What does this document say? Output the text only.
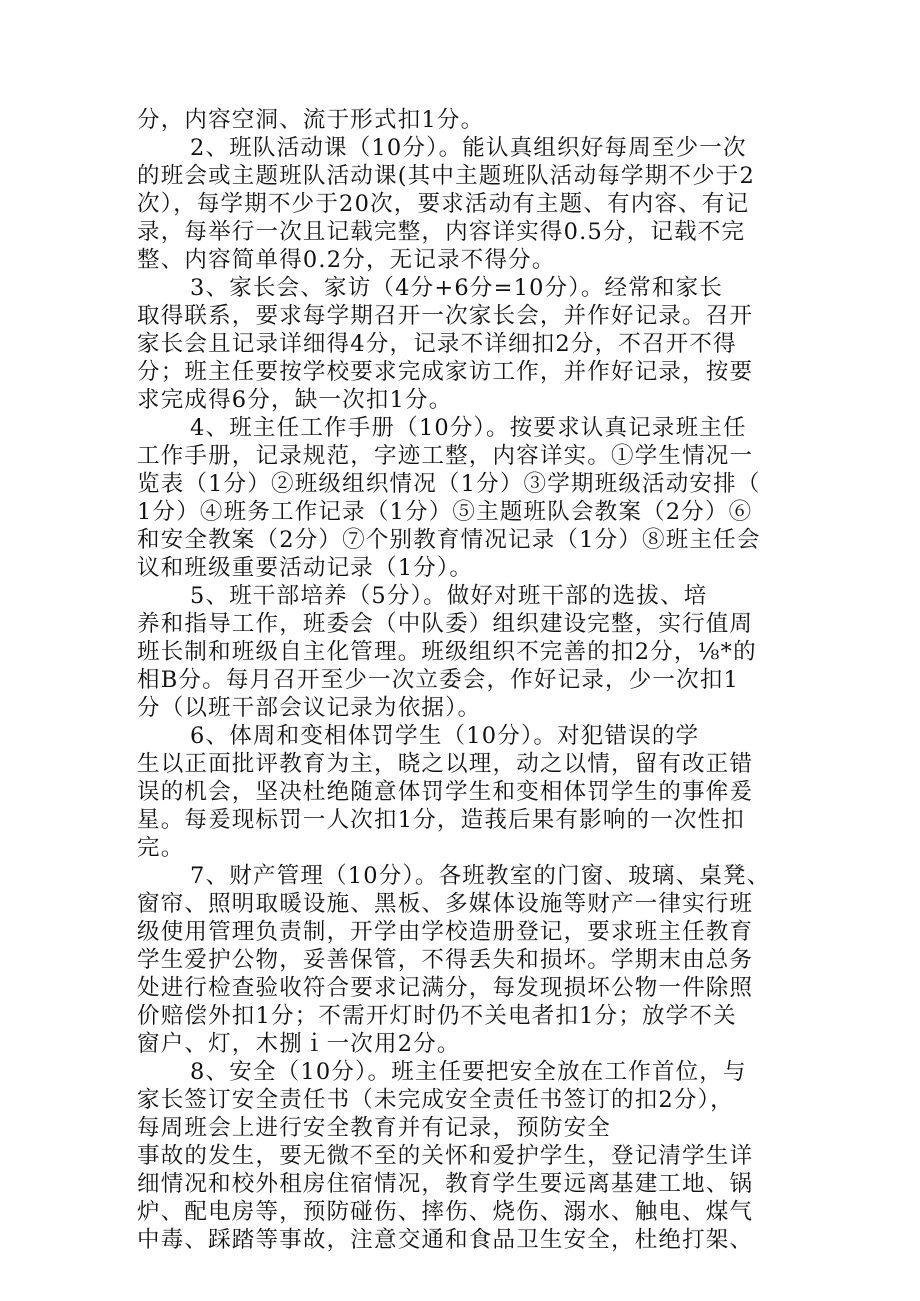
分，内容空洞、流于形式扣1分。
2、班队活动课（10分）。能认真组织好每周至少一次
的班会或主题班队活动课(其中主题班队活动每学期不少于2
次），每学期不少于20次，要求活动有主题、有内容、有记
录，每举行一次且记载完整，内容详实得0.5分，记载不完
整、内容简单得0.2分，无记录不得分。
3、家长会、家访（4分+6分=10分）。经常和家长
取得联系，要求每学期召开一次家长会，并作好记录。召开
家长会且记录详细得4分，记录不详细扣2分，不召开不得
分；班主任要按学校要求完成家访工作，并作好记录，按要
求完成得6分，缺一次扣1分。
4、班主任工作手册（10分）。按要求认真记录班主任
工作手册，记录规范，字迹工整，内容详实。①学生情况一
览表（1分）②班级组织情况（1分）③学期班级活动安排（
1分）④班务工作记录（1分）⑤主题班队会教案（2分）⑥
和安全教案（2分）⑦个别教育情况记录（1分）⑧班主任会
议和班级重要活动记录（1分）。
5、班干部培养（5分）。做好对班干部的选拔、培
养和指导工作，班委会（中队委）组织建设完整，实行值周
班长制和班级自主化管理。班级组织不完善的扣2分，⅛*的
相B分。每月召开至少一次立委会，作好记录，少一次扣1
分（以班干部会议记录为依据）。
6、体周和变相体罚学生（10分）。对犯错误的学
生以正面批评教育为主，晓之以理，动之以情，留有改正错
误的机会，坚决杜绝随意体罚学生和变相体罚学生的事侔爰
星。每爰现标罚一人次扣1分，造莪后果有影响的一次性扣
完。
7、财产管理（10分）。各班教室的门窗、玻璃、桌凳、
窗帘、照明取暖设施、黑板、多媒体设施等财产一律实行班
级使用管理负责制，开学由学校造册登记，要求班主任教育
学生爱护公物，妥善保管，不得丢失和损坏。学期末由总务
处进行检查验收符合要求记满分，每发现损坏公物一件除照
价赔偿外扣1分；不需开灯时仍不关电者扣1分；放学不关
窗户、灯，木捌ｉ一次用2分。
8、安全（10分）。班主任要把安全放在工作首位，与
家长签订安全责任书（未完成安全责任书签订的扣2分），
每周班会上进行安全教育并有记录，预防安全
事故的发生，要无微不至的关怀和爱护学生，登记清学生详
细情况和校外租房住宿情况，教育学生要远离基建工地、锅
炉、配电房等，预防碰伤、摔伤、烧伤、溺水、触电、煤气
中毒、踩踏等事故，注意交通和食品卫生安全，杜绝打架、
